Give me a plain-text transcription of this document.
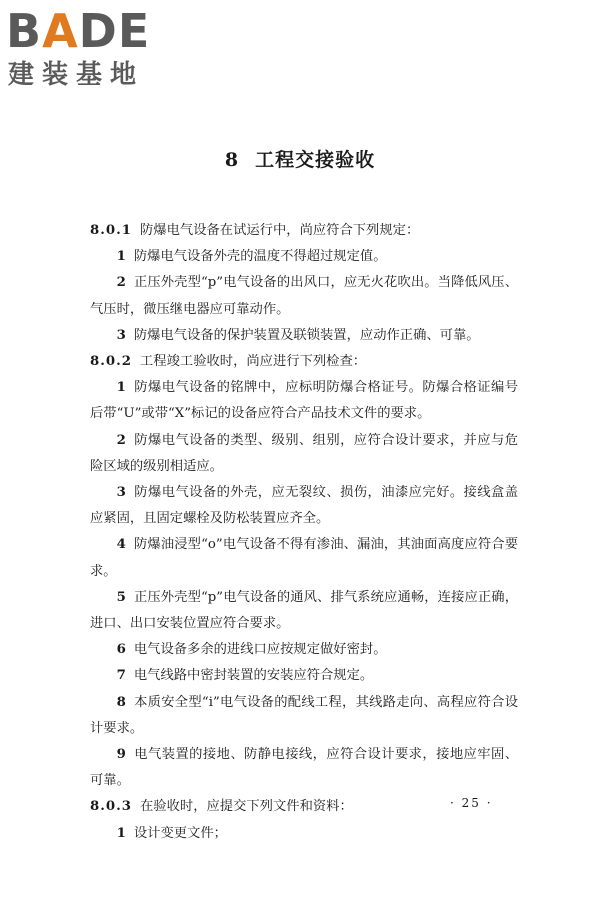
B A D E
建装基地
8 工程交接验收

8.0.1 防爆电气设备在试运行中，尚应符合下列规定：

1 防爆电气设备外壳的温度不得超过规定值。

2 正压外壳型“p”电气设备的出风口，应无火花吹出。当降低风压、气压时，微压继电器应可靠动作。

3 防爆电气设备的保护装置及联锁装置，应动作正确、可靠。

8.0.2 工程竣工验收时，尚应进行下列检查：

1 防爆电气设备的铭牌中，应标明防爆合格证号。防爆合格证编号后带“U”或带“X”标记的设备应符合产品技术文件的要求。

2 防爆电气设备的类型、级别、组别，应符合设计要求，并应与危险区域的级别相适应。

3 防爆电气设备的外壳，应无裂纹、损伤，油漆应完好。接线盒盖应紧固，且固定螺栓及防松装置应齐全。

4 防爆油浸型“o”电气设备不得有渗油、漏油，其油面高度应符合要求。

5 正压外壳型“p”电气设备的通风、排气系统应通畅，连接应正确，进口、出口安装位置应符合要求。

6 电气设备多余的进线口应按规定做好密封。

7 电气线路中密封装置的安装应符合规定。

8 本质安全型“i”电气设备的配线工程，其线路走向、高程应符合设计要求。

9 电气装置的接地、防静电接线，应符合设计要求，接地应牢固、可靠。

8.0.3 在验收时，应提交下列文件和资料：

1 设计变更文件；

· 25 ·
